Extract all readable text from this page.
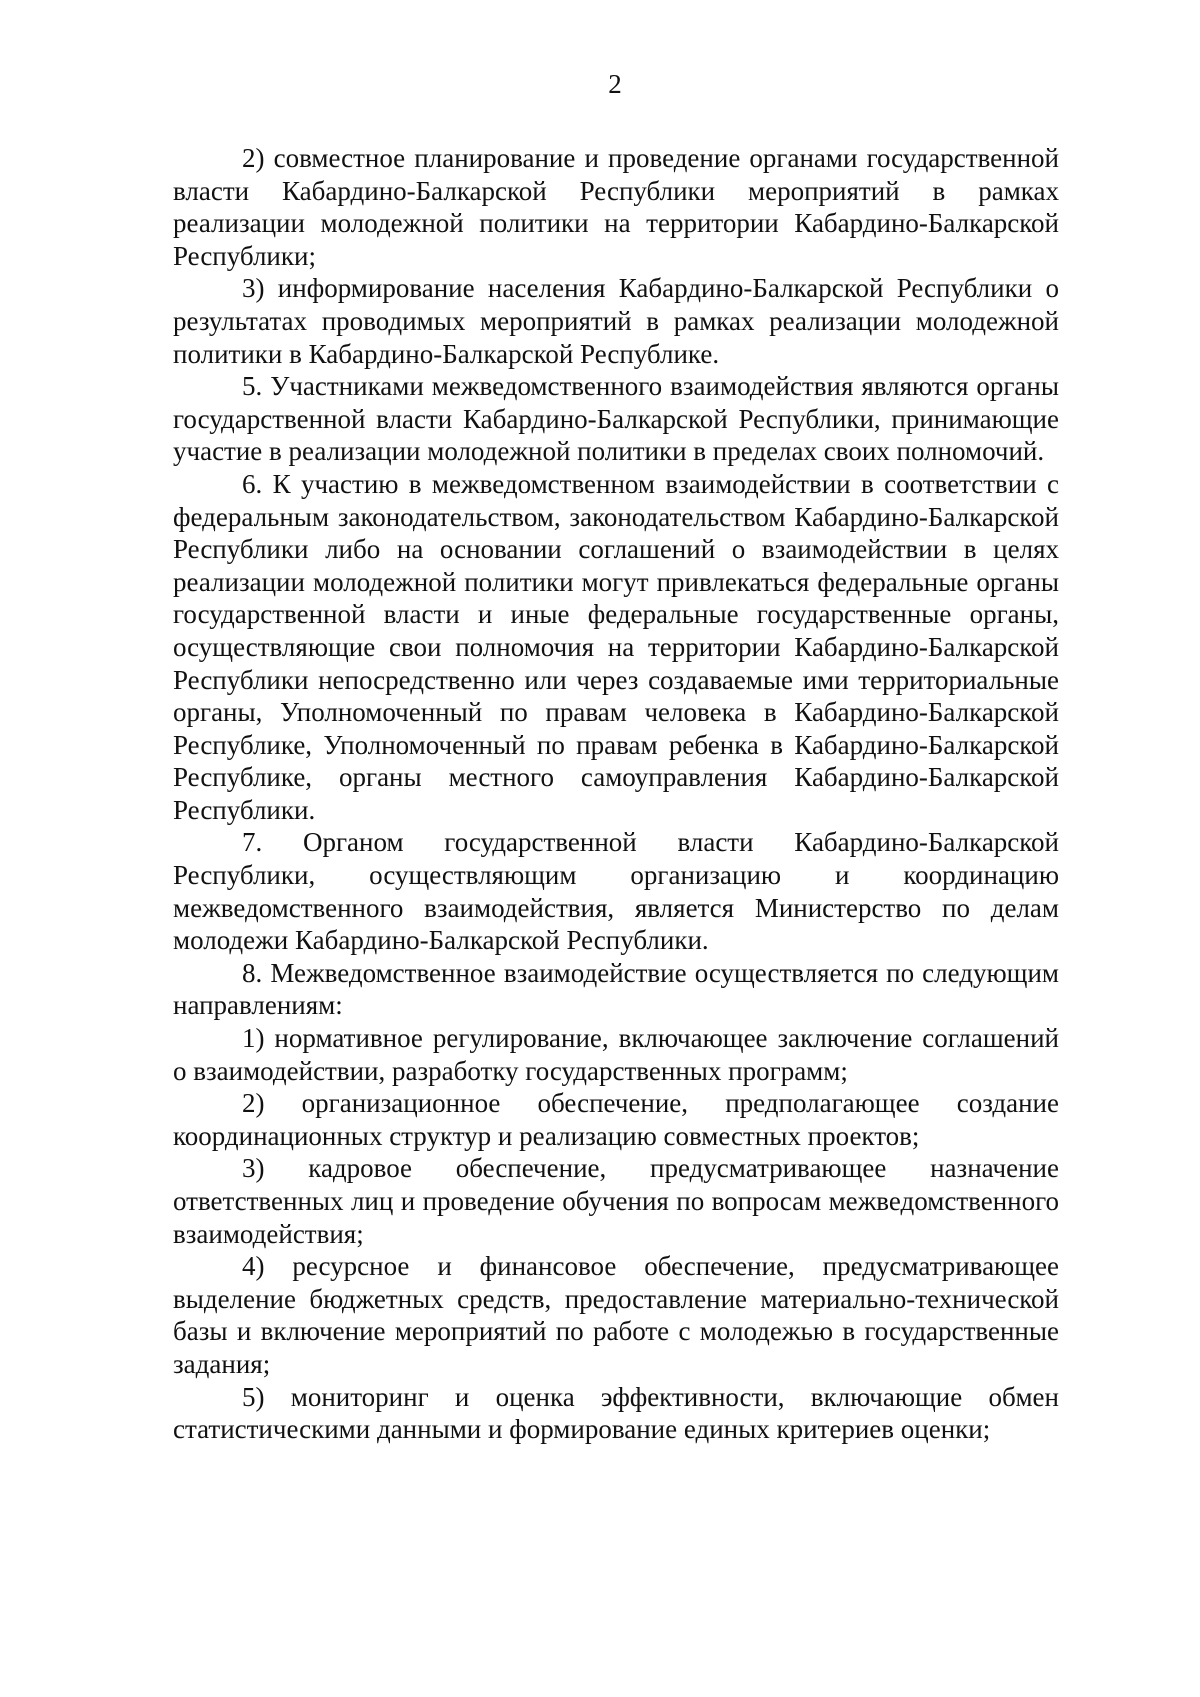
2

2) совместное планирование и проведение органами государственной власти Кабардино-Балкарской Республики мероприятий в рамках реализации молодежной политики на территории Кабардино-Балкарской Республики;

3) информирование населения Кабардино-Балкарской Республики о результатах проводимых мероприятий в рамках реализации молодежной политики в Кабардино-Балкарской Республике.

5. Участниками межведомственного взаимодействия являются органы государственной власти Кабардино-Балкарской Республики, принимающие участие в реализации молодежной политики в пределах своих полномочий.

6. К участию в межведомственном взаимодействии в соответствии с федеральным законодательством, законодательством Кабардино-Балкарской Республики либо на основании соглашений о взаимодействии в целях реализации молодежной политики могут привлекаться федеральные органы государственной власти и иные федеральные государственные органы, осуществляющие свои полномочия на территории Кабардино-Балкарской Республики непосредственно или через создаваемые ими территориальные органы, Уполномоченный по правам человека в Кабардино-Балкарской Республике, Уполномоченный по правам ребенка в Кабардино-Балкарской Республике, органы местного самоуправления Кабардино-Балкарской Республики.

7. Органом государственной власти Кабардино-Балкарской Республики, осуществляющим организацию и координацию межведомственного взаимодействия, является Министерство по делам молодежи Кабардино-Балкарской Республики.

8. Межведомственное взаимодействие осуществляется по следующим направлениям:

1) нормативное регулирование, включающее заключение соглашений о взаимодействии, разработку государственных программ;

2) организационное обеспечение, предполагающее создание координационных структур и реализацию совместных проектов;

3) кадровое обеспечение, предусматривающее назначение ответственных лиц и проведение обучения по вопросам межведомственного взаимодействия;

4) ресурсное и финансовое обеспечение, предусматривающее выделение бюджетных средств, предоставление материально-технической базы и включение мероприятий по работе с молодежью в государственные задания;

5) мониторинг и оценка эффективности, включающие обмен статистическими данными и формирование единых критериев оценки;
